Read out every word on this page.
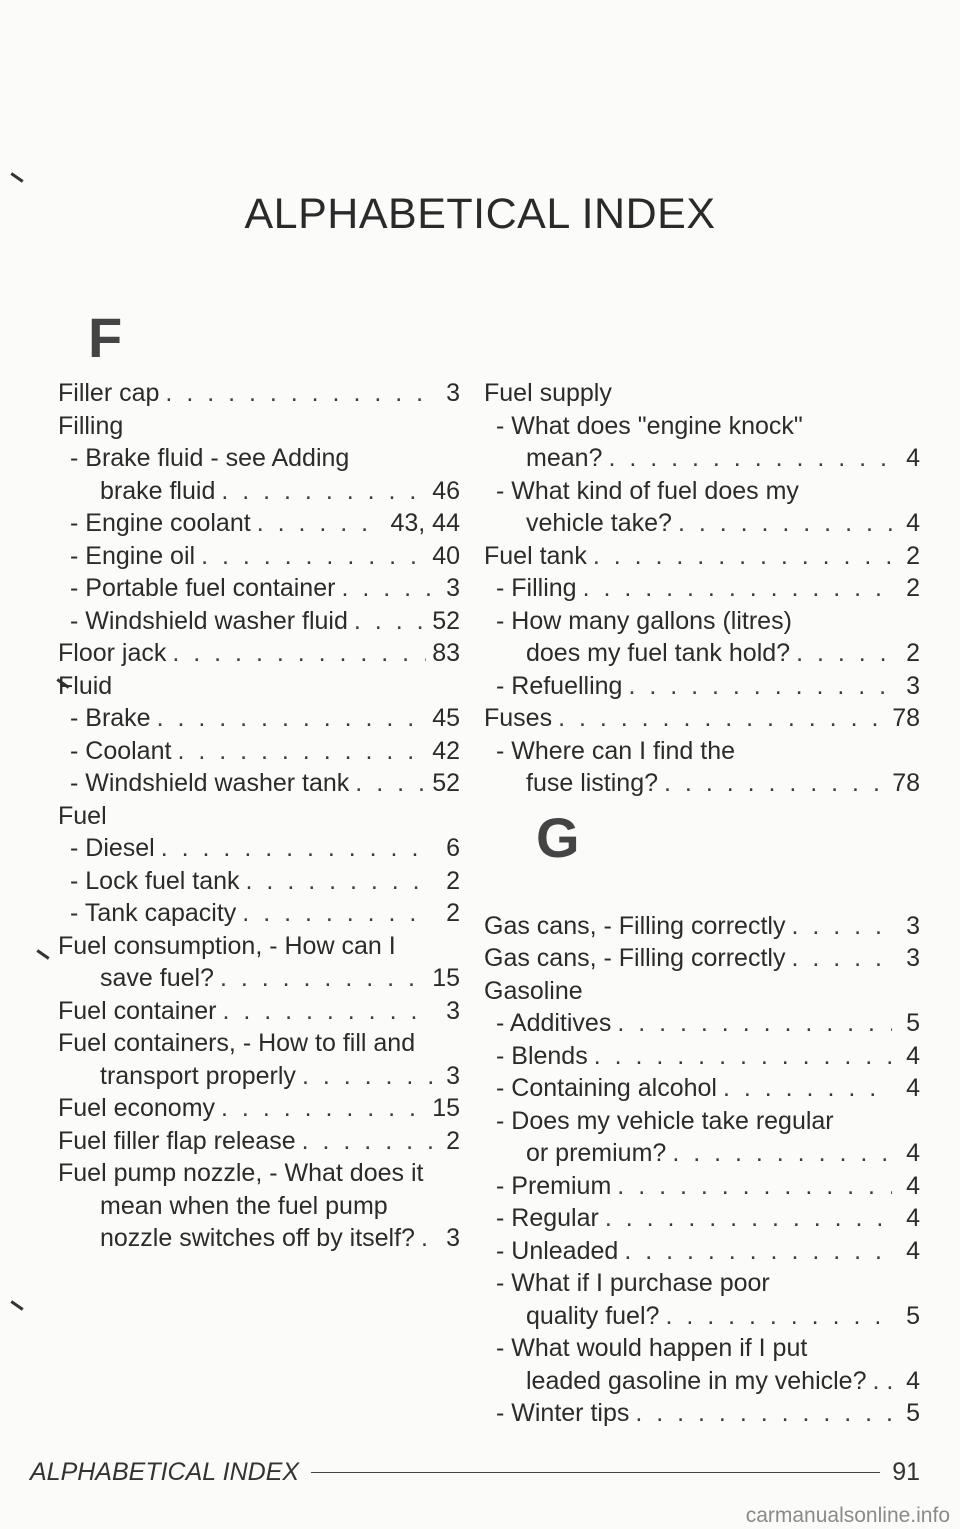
ALPHABETICAL INDEX
F
Filler cap . . .	3
Filling
- Brake fluid - see Adding
brake fluid . . .	46
- Engine coolant . . .	43, 44
- Engine oil . . .	40
- Portable fuel container . . .	3
- Windshield washer fluid . . .	52
Floor jack . . .	83
Fluid
- Brake . . .	45
- Coolant . . .	42
- Windshield washer tank . . .	52
Fuel
- Diesel . . .	6
- Lock fuel tank . . .	2
- Tank capacity . . .	2
Fuel consumption, - How can I
save fuel? . . .	15
Fuel container . . .	3
Fuel containers, - How to fill and
transport properly . . .	3
Fuel economy . . .	15
Fuel filler flap release . . .	2
Fuel pump nozzle, - What does it
mean when the fuel pump
nozzle switches off by itself? . . .	3
Fuel supply
- What does "engine knock"
mean? . . .	4
- What kind of fuel does my
vehicle take? . . .	4
Fuel tank . . .	2
- Filling . . .	2
- How many gallons (litres)
does my fuel tank hold? . . .	2
- Refuelling . . .	3
Fuses . . .	78
- Where can I find the
fuse listing? . . .	78
Gas cans, - Filling correctly . . .	3
Gas cans, - Filling correctly . . .	3
Gasoline
- Additives . . .	5
- Blends . . .	4
- Containing alcohol . . .	4
- Does my vehicle take regular
or premium? . . .	4
- Premium . . .	4
- Regular . . .	4
- Unleaded . . .	4
- What if I purchase poor
quality fuel? . . .	5
- What would happen if I put
leaded gasoline in my vehicle? . . .	4
- Winter tips . . .	5
G
ALPHABETICAL INDEX	91
carmanualsonline.info
